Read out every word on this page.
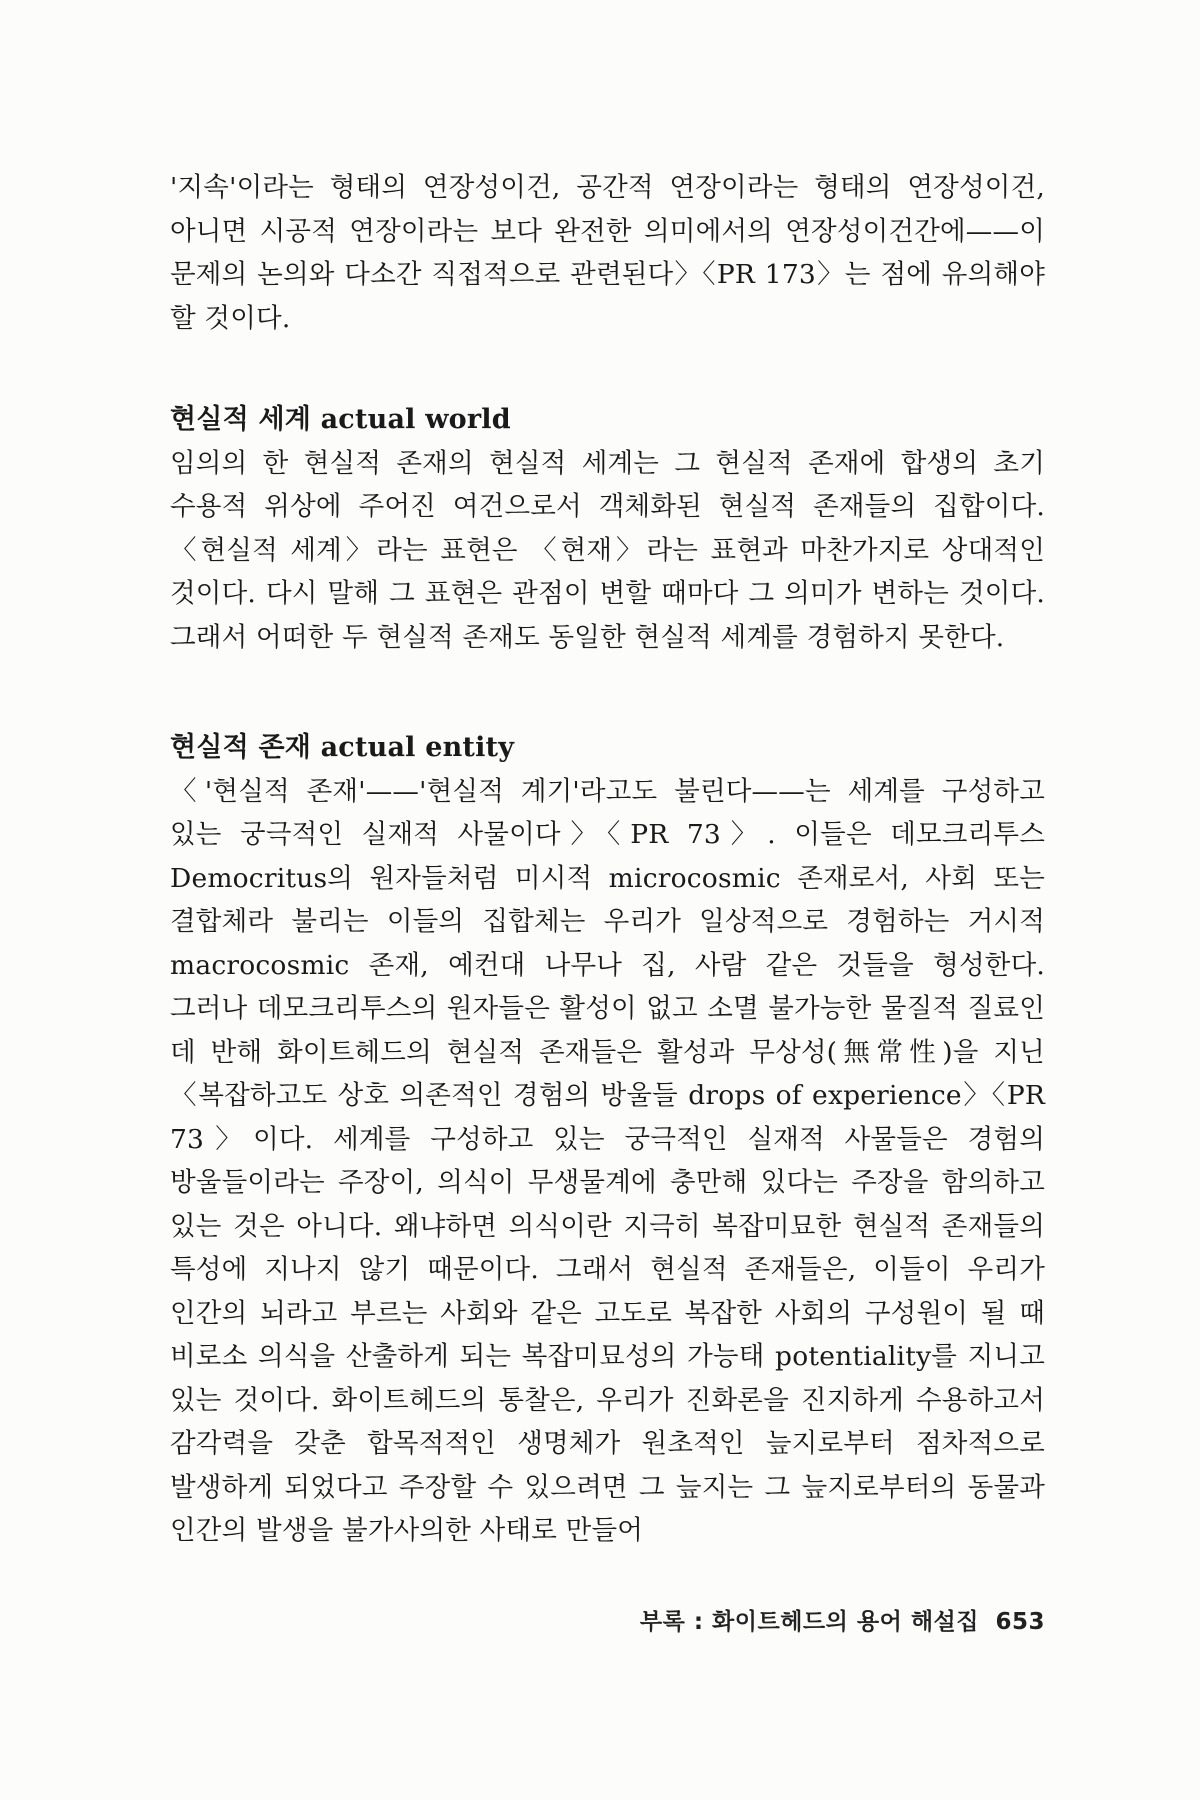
'지속'이라는 형태의 연장성이건, 공간적 연장이라는 형태의 연장성이건, 아니면 시공적 연장이라는 보다 완전한 의미에서의 연장성이건간에——이 문제의 논의와 다소간 직접적으로 관련된다〉〈PR 173〉는 점에 유의해야 할 것이다.

현실적 세계 actual world

임의의 한 현실적 존재의 현실적 세계는 그 현실적 존재에 합생의 초기 수용적 위상에 주어진 여건으로서 객체화된 현실적 존재들의 집합이다. 〈현실적 세계〉라는 표현은 〈현재〉라는 표현과 마찬가지로 상대적인 것이다. 다시 말해 그 표현은 관점이 변할 때마다 그 의미가 변하는 것이다. 그래서 어떠한 두 현실적 존재도 동일한 현실적 세계를 경험하지 못한다.

현실적 존재 actual entity

〈'현실적 존재'——'현실적 계기'라고도 불린다——는 세계를 구성하고 있는 궁극적인 실재적 사물이다〉〈PR 73〉. 이들은 데모크리투스 Democritus의 원자들처럼 미시적 microcosmic 존재로서, 사회 또는 결합체라 불리는 이들의 집합체는 우리가 일상적으로 경험하는 거시적 macrocosmic 존재, 예컨대 나무나 집, 사람 같은 것들을 형성한다. 그러나 데모크리투스의 원자들은 활성이 없고 소멸 불가능한 물질적 질료인 데 반해 화이트헤드의 현실적 존재들은 활성과 무상성(無常性)을 지닌 〈복잡하고도 상호 의존적인 경험의 방울들 drops of experience〉〈PR 73〉이다. 세계를 구성하고 있는 궁극적인 실재적 사물들은 경험의 방울들이라는 주장이, 의식이 무생물계에 충만해 있다는 주장을 함의하고 있는 것은 아니다. 왜냐하면 의식이란 지극히 복잡미묘한 현실적 존재들의 특성에 지나지 않기 때문이다. 그래서 현실적 존재들은, 이들이 우리가 인간의 뇌라고 부르는 사회와 같은 고도로 복잡한 사회의 구성원이 될 때 비로소 의식을 산출하게 되는 복잡미묘성의 가능태 potentiality를 지니고 있는 것이다. 화이트헤드의 통찰은, 우리가 진화론을 진지하게 수용하고서 감각력을 갖춘 합목적적인 생명체가 원초적인 늪지로부터 점차적으로 발생하게 되었다고 주장할 수 있으려면 그 늪지는 그 늪지로부터의 동물과 인간의 발생을 불가사의한 사태로 만들어

부록 : 화이트헤드의 용어 해설집 653
